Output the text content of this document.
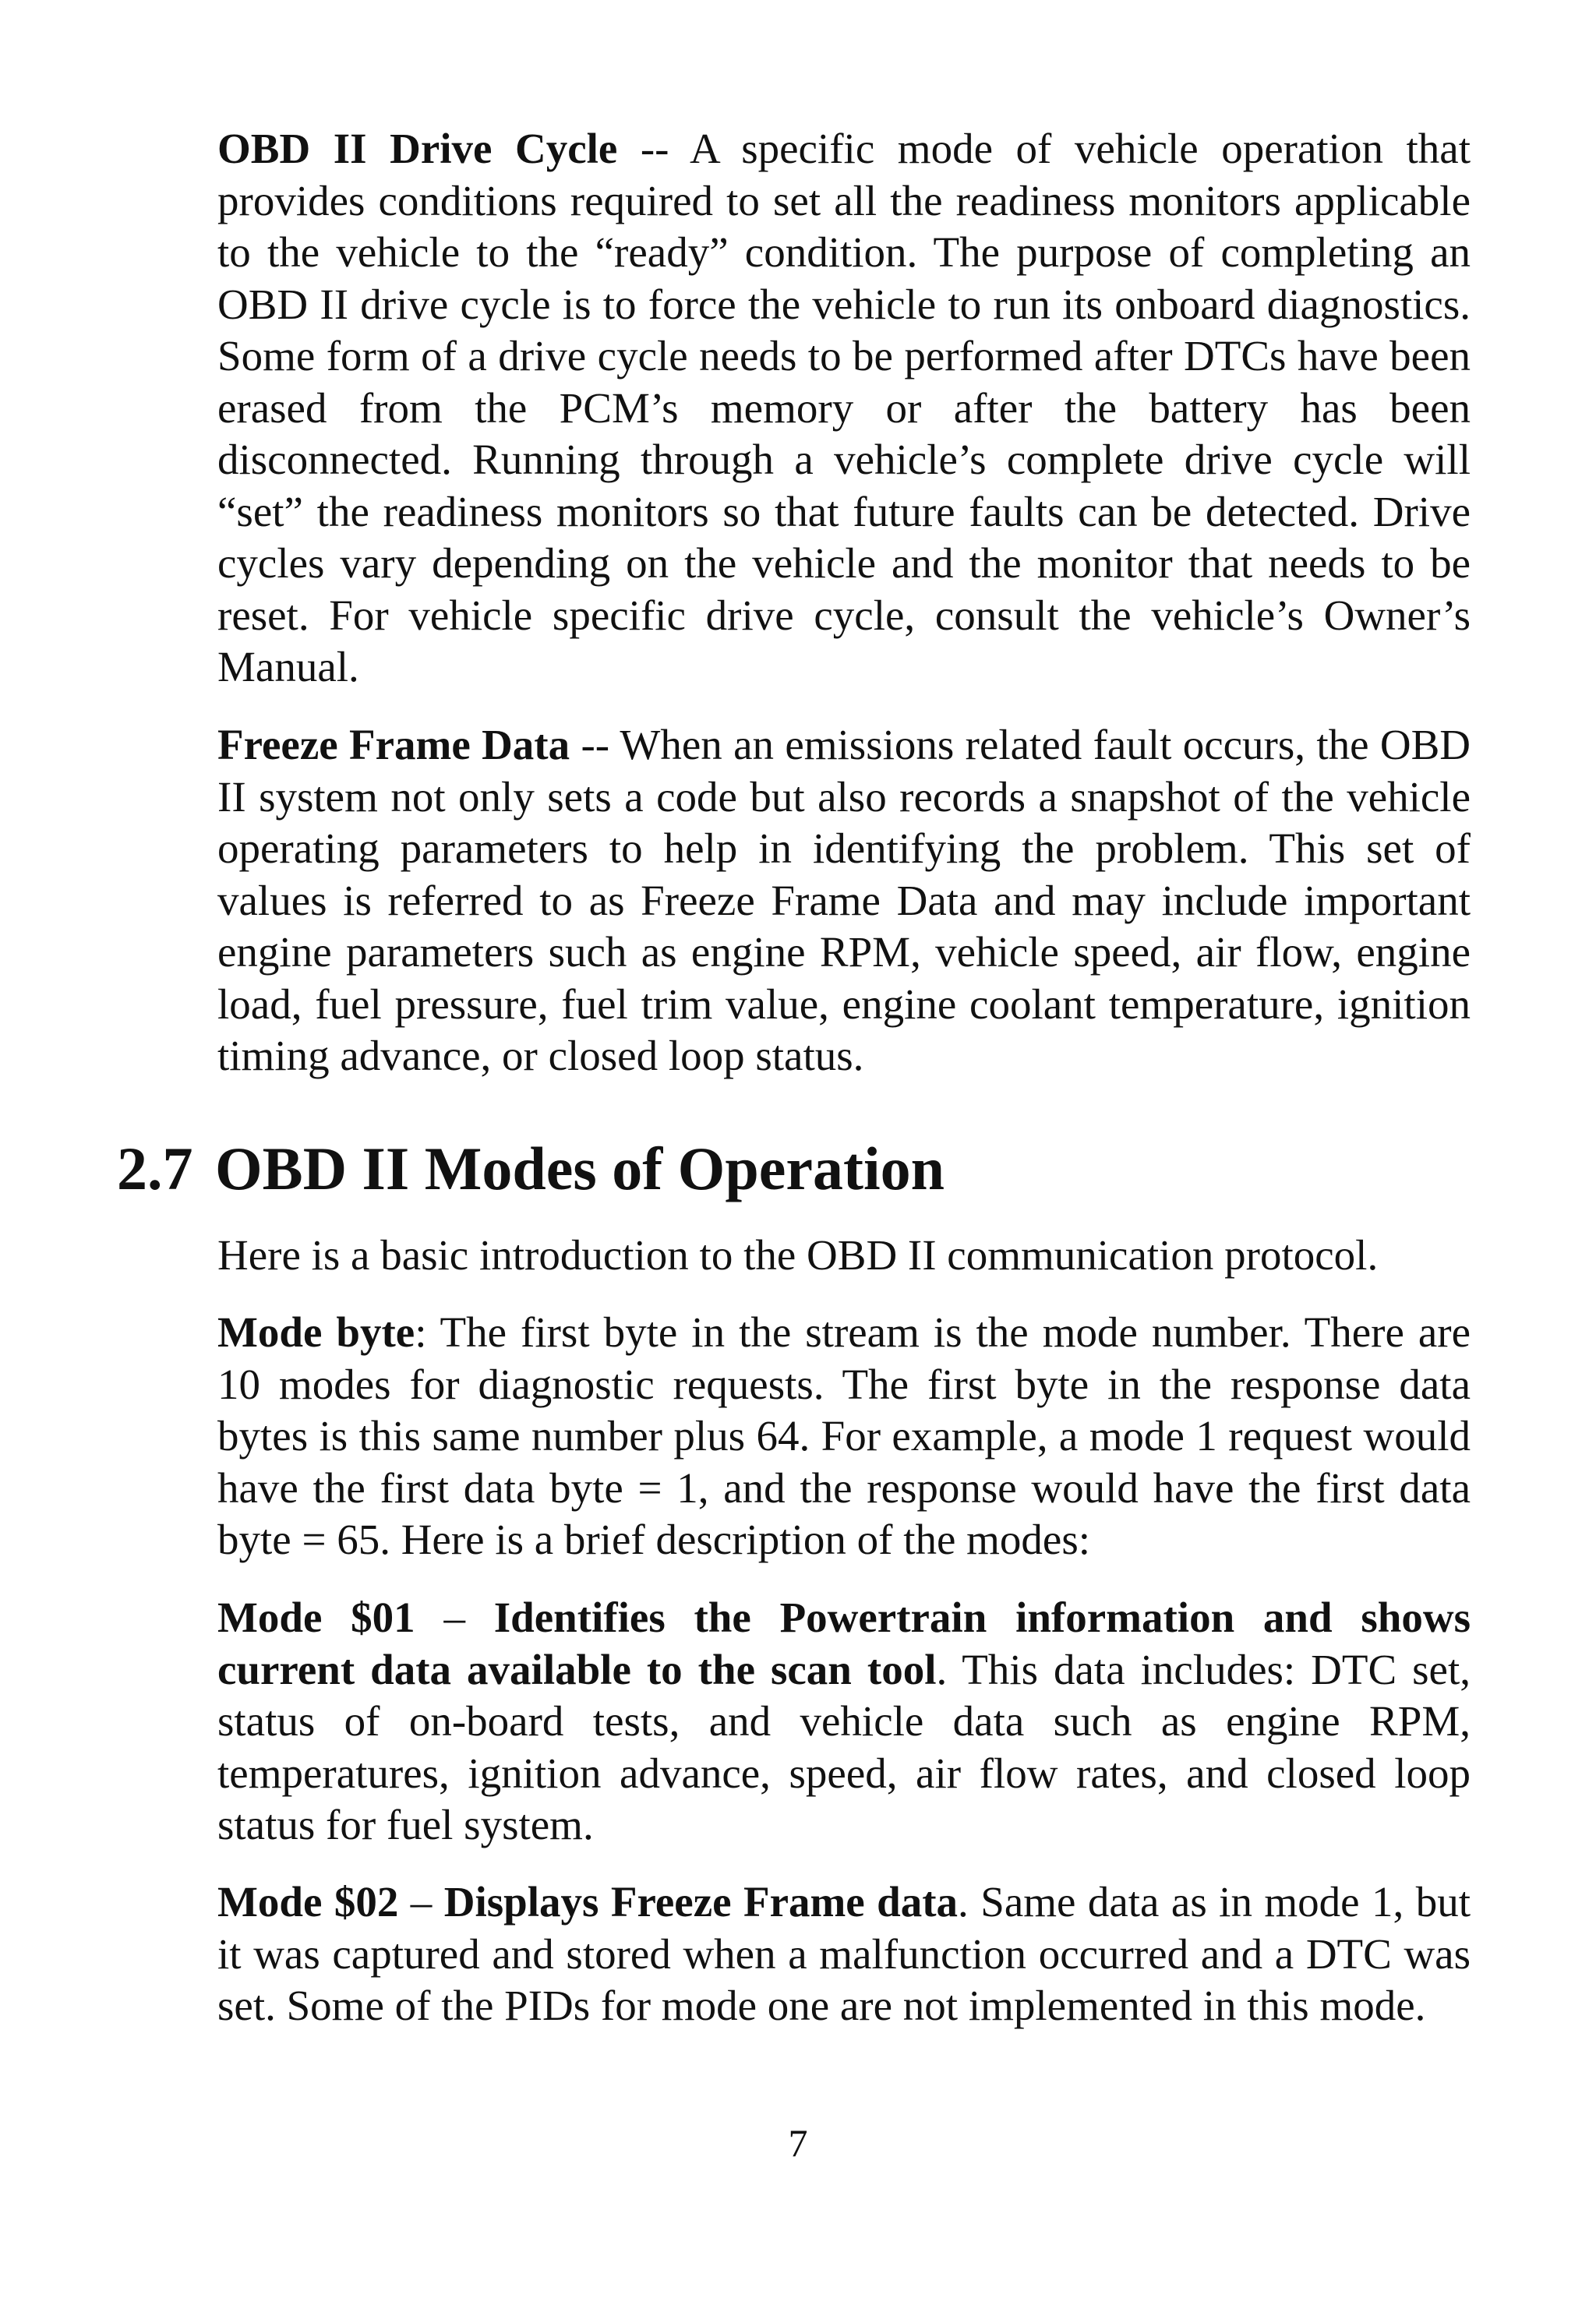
OBD II Drive Cycle -- A specific mode of vehicle operation that provides conditions required to set all the readiness monitors applicable to the vehicle to the “ready” condition. The purpose of completing an OBD II drive cycle is to force the vehicle to run its onboard diagnostics. Some form of a drive cycle needs to be performed after DTCs have been erased from the PCM’s memory or after the battery has been disconnected. Running through a vehicle’s complete drive cycle will “set” the readiness monitors so that future faults can be detected. Drive cycles vary depending on the vehicle and the monitor that needs to be reset. For vehicle specific drive cycle, consult the vehicle’s Owner’s Manual.

Freeze Frame Data -- When an emissions related fault occurs, the OBD II system not only sets a code but also records a snapshot of the vehicle operating parameters to help in identifying the problem. This set of values is referred to as Freeze Frame Data and may include important engine parameters such as engine RPM, vehicle speed, air flow, engine load, fuel pressure, fuel trim value, engine coolant temperature, ignition timing advance, or closed loop status.

2.7 OBD II Modes of Operation

Here is a basic introduction to the OBD II communication protocol.

Mode byte: The first byte in the stream is the mode number. There are 10 modes for diagnostic requests. The first byte in the response data bytes is this same number plus 64. For example, a mode 1 request would have the first data byte = 1, and the response would have the first data byte = 65. Here is a brief description of the modes:

Mode $01 – Identifies the Powertrain information and shows current data available to the scan tool. This data includes: DTC set, status of on-board tests, and vehicle data such as engine RPM, temperatures, ignition advance, speed, air flow rates, and closed loop status for fuel system.

Mode $02 – Displays Freeze Frame data. Same data as in mode 1, but it was captured and stored when a malfunction occurred and a DTC was set. Some of the PIDs for mode one are not implemented in this mode.

7
